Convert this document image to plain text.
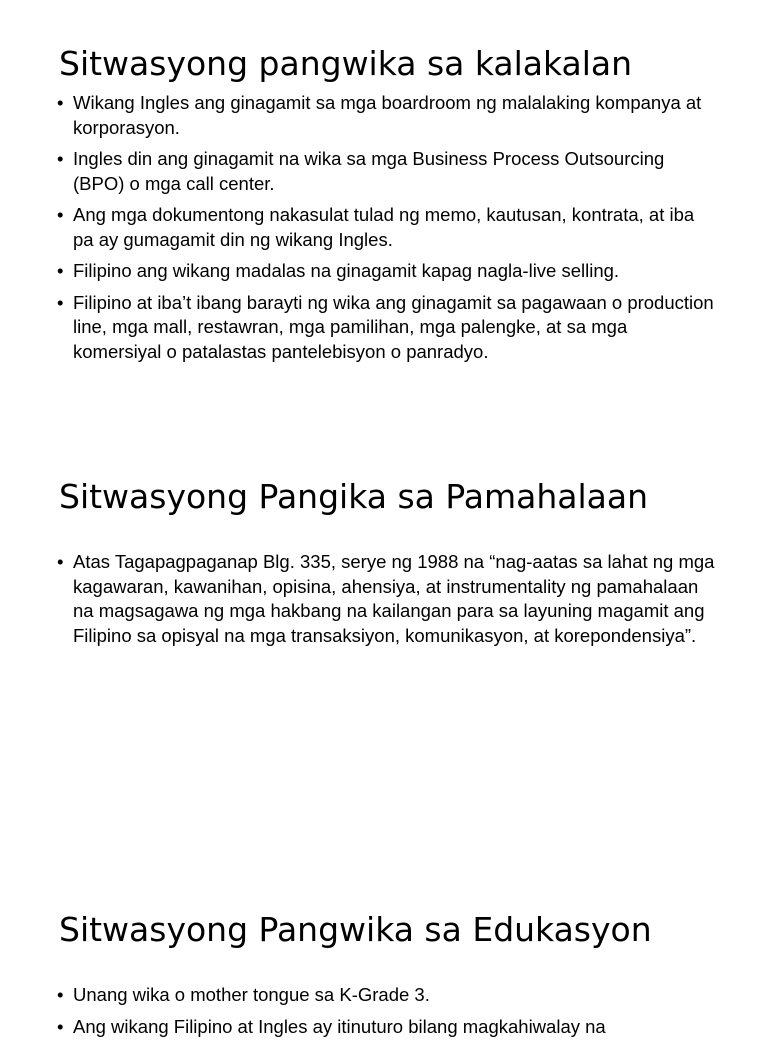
Sitwasyong pangwika sa kalakalan
• Wikang Ingles ang ginagamit sa mga boardroom ng malalaking kompanya at korporasyon.
• Ingles din ang ginagamit na wika sa mga Business Process Outsourcing (BPO) o mga call center.
• Ang mga dokumentong nakasulat tulad ng memo, kautusan, kontrata, at iba pa ay gumagamit din ng wikang Ingles.
• Filipino ang wikang madalas na ginagamit kapag nagla-live selling.
• Filipino at iba’t ibang barayti ng wika ang ginagamit sa pagawaan o production line, mga mall, restawran, mga pamilihan, mga palengke, at sa mga komersiyal o patalastas pantelebisyon o panradyo.
Sitwasyong Pangika sa Pamahalaan
• Atas Tagapagpaganap Blg. 335, serye ng 1988 na “nag-aatas sa lahat ng mga kagawaran, kawanihan, opisina, ahensiya, at instrumentality ng pamahalaan na magsagawa ng mga hakbang na kailangan para sa layuning magamit ang Filipino sa opisyal na mga transaksiyon, komunikasyon, at korepondensiya”.
Sitwasyong Pangwika sa Edukasyon
• Unang wika o mother tongue sa K-Grade 3.
• Ang wikang Filipino at Ingles ay itinuturo bilang magkahiwalay na
